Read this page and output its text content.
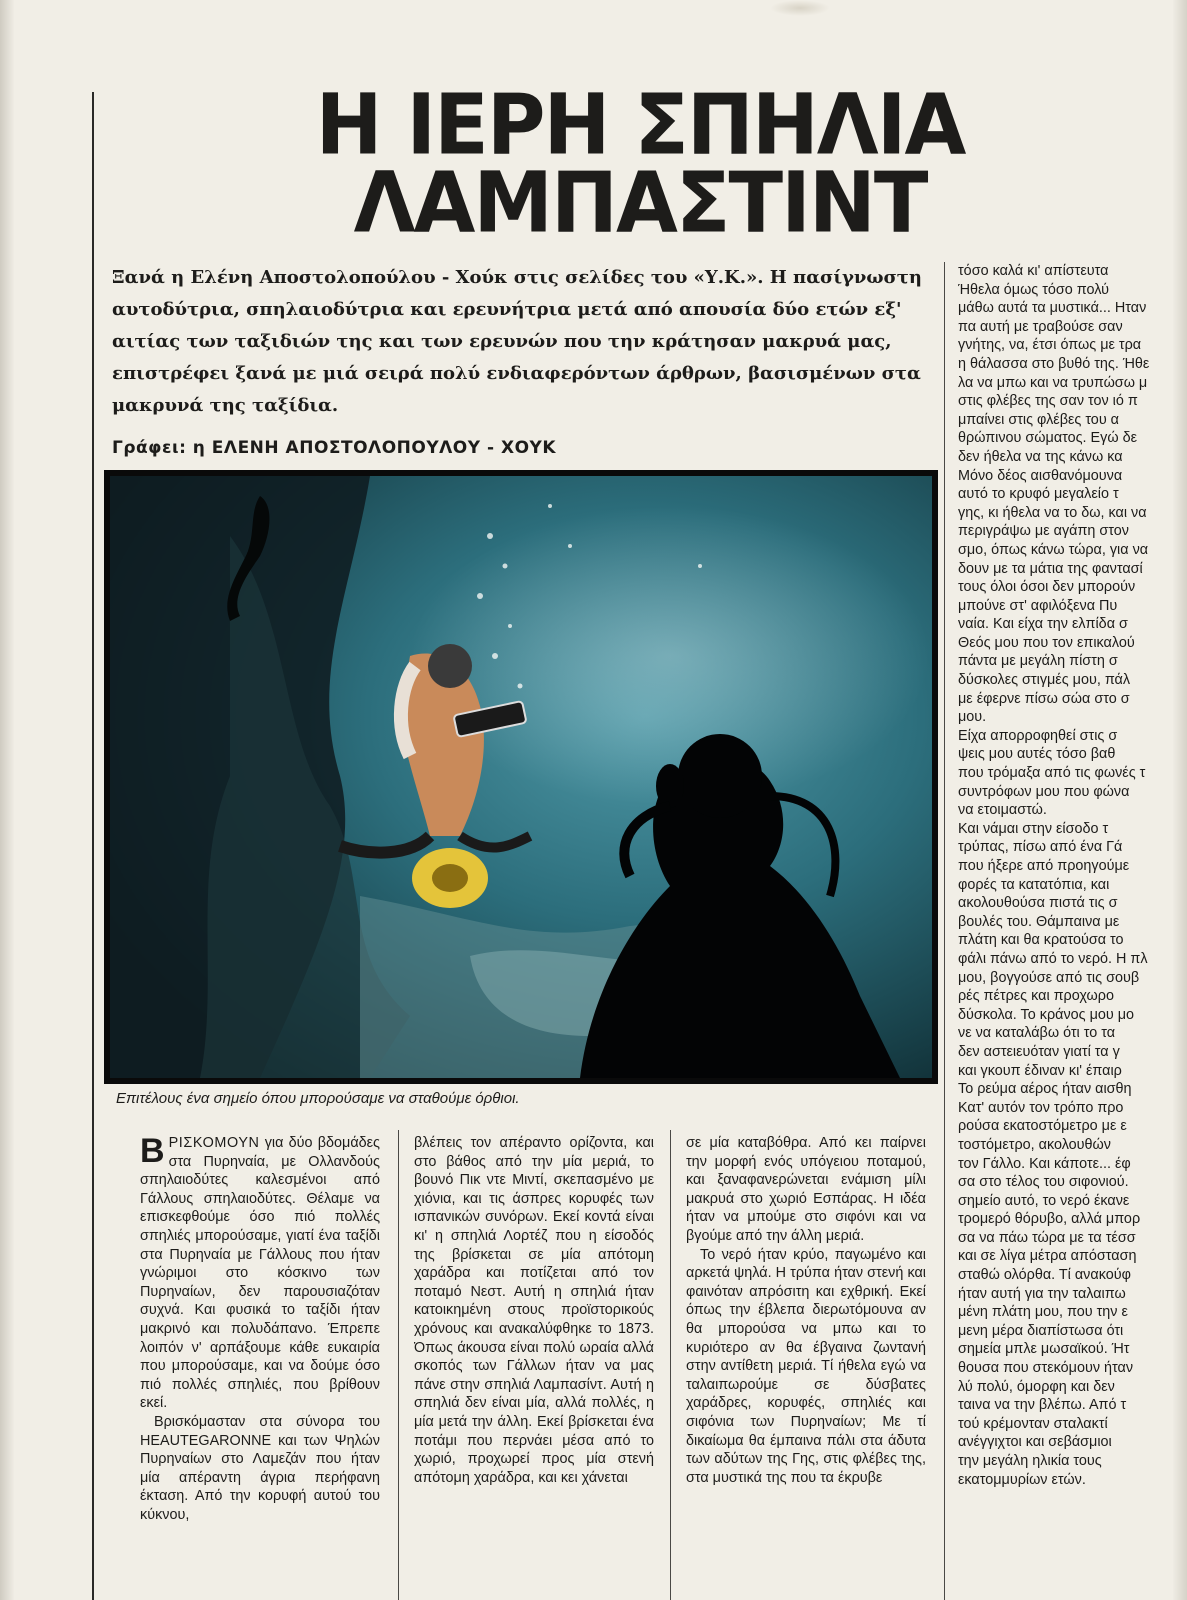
Η ΙΕΡΗ ΣΠΗΛΙΑ
ΛΑΜΠΑΣΤΙΝΤ

Ξανά η Ελένη Αποστολοπούλου - Χούκ στις σελίδες του «Υ.Κ.». Η πασίγνωστη αυτοδύτρια, σπηλαιοδύτρια και ερευνήτρια μετά από απουσία δύο ετών εξ' αιτίας των ταξιδιών της και των ερευνών που την κράτησαν μακρυά μας, επιστρέφει ξανά με μιά σειρά πολύ ενδιαφερόντων άρθρων, βασισμένων στα μακρυνά της ταξίδια.

Γράφει: η ΕΛΕΝΗ ΑΠΟΣΤΟΛΟΠΟΥΛΟΥ - ΧΟΥΚ

Επιτέλους ένα σημείο όπου μπορούσαμε να σταθούμε όρθιοι.

ΒΡΙΣΚΟΜΟΥΝ για δύο βδομάδες στα Πυρηναία, με Ολλανδούς σπηλαιοδύτες καλεσμένοι από Γάλλους σπηλαιοδύτες. Θέλαμε να επισκεφθούμε όσο πιό πολλές σπηλιές μπορούσαμε, γιατί ένα ταξίδι στα Πυρηναία με Γάλλους που ήταν γνώριμοι στο κόσκινο των Πυρηναίων, δεν παρουσιαζόταν συχνά. Και φυσικά το ταξίδι ήταν μακρινό και πολυδάπανο. Έπρεπε λοιπόν ν' αρπάξουμε κάθε ευκαιρία που μπορούσαμε, και να δούμε όσο πιό πολλές σπηλιές, που βρίθουν εκεί.

Βρισκόμασταν στα σύνορα του HEAUTEGARONNE και των Ψηλών Πυρηναίων στο Λαμεζάν που ήταν μία απέραντη άγρια περήφανη έκταση. Από την κορυφή αυτού του κύκνου,

βλέπεις τον απέραντο ορίζοντα, και στο βάθος από την μία μεριά, το βουνό Πικ ντε Μιντί, σκεπασμένο με χιόνια, και τις άσπρες κορυφές των ισπανικών συνόρων. Εκεί κοντά είναι κι' η σπηλιά Λορτέζ που η είσοδός της βρίσκεται σε μία απότομη χαράδρα και ποτίζεται από τον ποταμό Νεστ. Αυτή η σπηλιά ήταν κατοικημένη στους προϊστορικούς χρόνους και ανακαλύφθηκε το 1873. Όπως άκουσα είναι πολύ ωραία αλλά σκοπός των Γάλλων ήταν να μας πάνε στην σπηλιά Λαμπασίντ. Αυτή η σπηλιά δεν είναι μία, αλλά πολλές, η μία μετά την άλλη. Εκεί βρίσκεται ένα ποτάμι που περνάει μέσα από το χωριό, προχωρεί προς μία στενή απότομη χαράδρα, και κει χάνεται

σε μία καταβόθρα. Από κει παίρνει την μορφή ενός υπόγειου ποταμού, και ξαναφανερώνεται ενάμιση μίλι μακρυά στο χωριό Εσπάρας. Η ιδέα ήταν να μπούμε στο σιφόνι και να βγούμε από την άλλη μεριά.

Το νερό ήταν κρύο, παγωμένο και αρκετά ψηλά. Η τρύπα ήταν στενή και φαινόταν απρόσιτη και εχθρική. Εκεί όπως την έβλεπα διερωτόμουνα αν θα μπορούσα να μπω και το κυριότερο αν θα έβγαινα ζωντανή στην αντίθετη μεριά. Τί ήθελα εγώ να ταλαιπωρούμε σε δύσβατες χαράδρες, κορυφές, σπηλιές και σιφόνια των Πυρηναίων; Με τί δικαίωμα θα έμπαινα πάλι στα άδυτα των αδύτων της Γης, στις φλέβες της, στα μυστικά της που τα έκρυβε

τόσο καλά κι' απίστευτα
Ήθελα όμως τόσο πολύ
μάθω αυτά τα μυστικά... Ηταν
πα αυτή με τραβούσε σαν
γνήτης, να, έτσι όπως με τρα
η θάλασσα στο βυθό της. Ήθε
λα να μπω και να τρυπώσω μ
στις φλέβες της σαν τον ιό π
μπαίνει στις φλέβες του α
θρώπινου σώματος. Εγώ δε
δεν ήθελα να της κάνω κα
Μόνο δέος αισθανόμουνα
αυτό το κρυφό μεγαλείο τ
γης, κι ήθελα να το δω, και να
περιγράψω με αγάπη στον
σμο, όπως κάνω τώρα, για να
δουν με τα μάτια της φαντασί
τους όλοι όσοι δεν μπορούν
μπούνε στ' αφιλόξενα Πυ
ναία. Και είχα την ελπίδα σ
Θεός μου που τον επικαλού
πάντα με μεγάλη πίστη σ
δύσκολες στιγμές μου, πάλ
με έφερνε πίσω σώα στο σ
μου.
Είχα απορροφηθεί στις σ
ψεις μου αυτές τόσο βαθ
που τρόμαξα από τις φωνές τ
συντρόφων μου που φώνα
να ετοιμαστώ.
Και νάμαι στην είσοδο τ
τρύπας, πίσω από ένα Γά
που ήξερε από προηγούμε
φορές τα κατατόπια, και
ακολουθούσα πιστά τις σ
βουλές του. Θάμπαινα με
πλάτη και θα κρατούσα το
φάλι πάνω από το νερό. Η πλ
μου, βογγούσε από τις σουβ
ρές πέτρες και προχωρο
δύσκολα. Το κράνος μου μο
νε να καταλάβω ότι το τα
δεν αστειευόταν γιατί τα γ
και γκουπ έδιναν κι' έπαιρ
Το ρεύμα αέρος ήταν αισθη
Κατ' αυτόν τον τρόπο προ
ρούσα εκατοστόμετρο με ε
τοστόμετρο, ακολουθών
τον Γάλλο. Και κάποτε... έφ
σα στο τέλος του σιφονιού.
σημείο αυτό, το νερό έκανε
τρομερό θόρυβο, αλλά μπορ
σα να πάω τώρα με τα τέσσ
και σε λίγα μέτρα απόσταση
σταθώ ολόρθα. Τί ανακούφ
ήταν αυτή για την ταλαιπω
μένη πλάτη μου, που την ε
μενη μέρα διαπίστωσα ότι
σημεία μπλε μωσαϊκού. Ήτ
θουσα που στεκόμουν ήταν
λύ πολύ, όμορφη και δεν
ταινα να την βλέπω. Από τ
τού κρέμονταν σταλακτί
ανέγγιχτοι και σεβάσμιοι
την μεγάλη ηλικία τους
εκατομμυρίων ετών.
